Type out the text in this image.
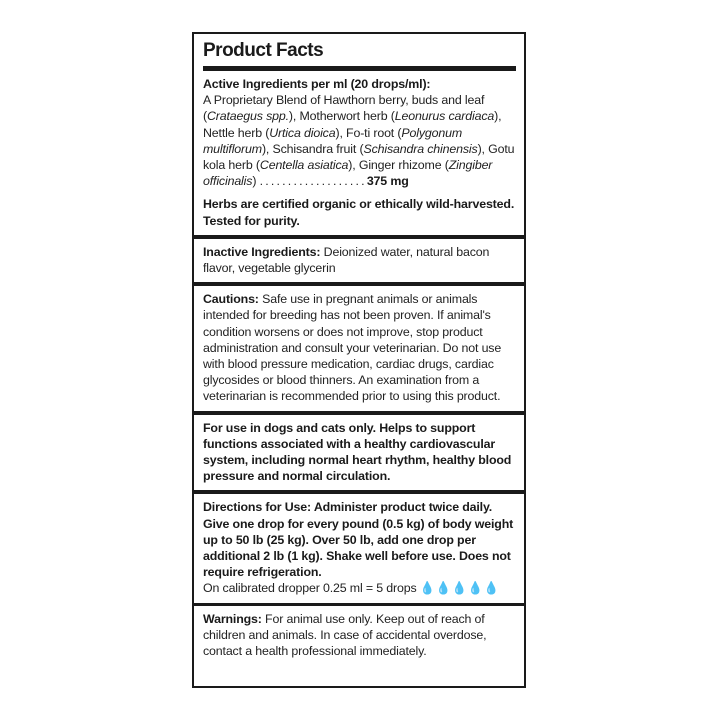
Product Facts
Active Ingredients per ml (20 drops/ml):
A Proprietary Blend of Hawthorn berry, buds and leaf (Crataegus spp.), Motherwort herb (Leonurus cardiaca), Nettle herb (Urtica dioica), Fo-ti root (Polygonum multiflorum), Schisandra fruit (Schisandra chinensis), Gotu kola herb (Centella asiatica), Ginger rhizome (Zingiber officinalis) ...................375 mg
Herbs are certified organic or ethically wild-harvested. Tested for purity.
Inactive Ingredients: Deionized water, natural bacon flavor, vegetable glycerin
Cautions: Safe use in pregnant animals or animals intended for breeding has not been proven. If animal's condition worsens or does not improve, stop product administration and consult your veterinarian. Do not use with blood pressure medication, cardiac drugs, cardiac glycosides or blood thinners. An examination from a veterinarian is recommended prior to using this product.
For use in dogs and cats only. Helps to support functions associated with a healthy cardiovascular system, including normal heart rhythm, healthy blood pressure and normal circulation.
Directions for Use: Administer product twice daily. Give one drop for every pound (0.5 kg) of body weight up to 50 lb (25 kg). Over 50 lb, add one drop per additional 2 lb (1 kg). Shake well before use. Does not require refrigeration.
On calibrated dropper 0.25 ml = 5 drops 💧💧💧💧💧
Warnings: For animal use only. Keep out of reach of children and animals. In case of accidental overdose, contact a health professional immediately.
